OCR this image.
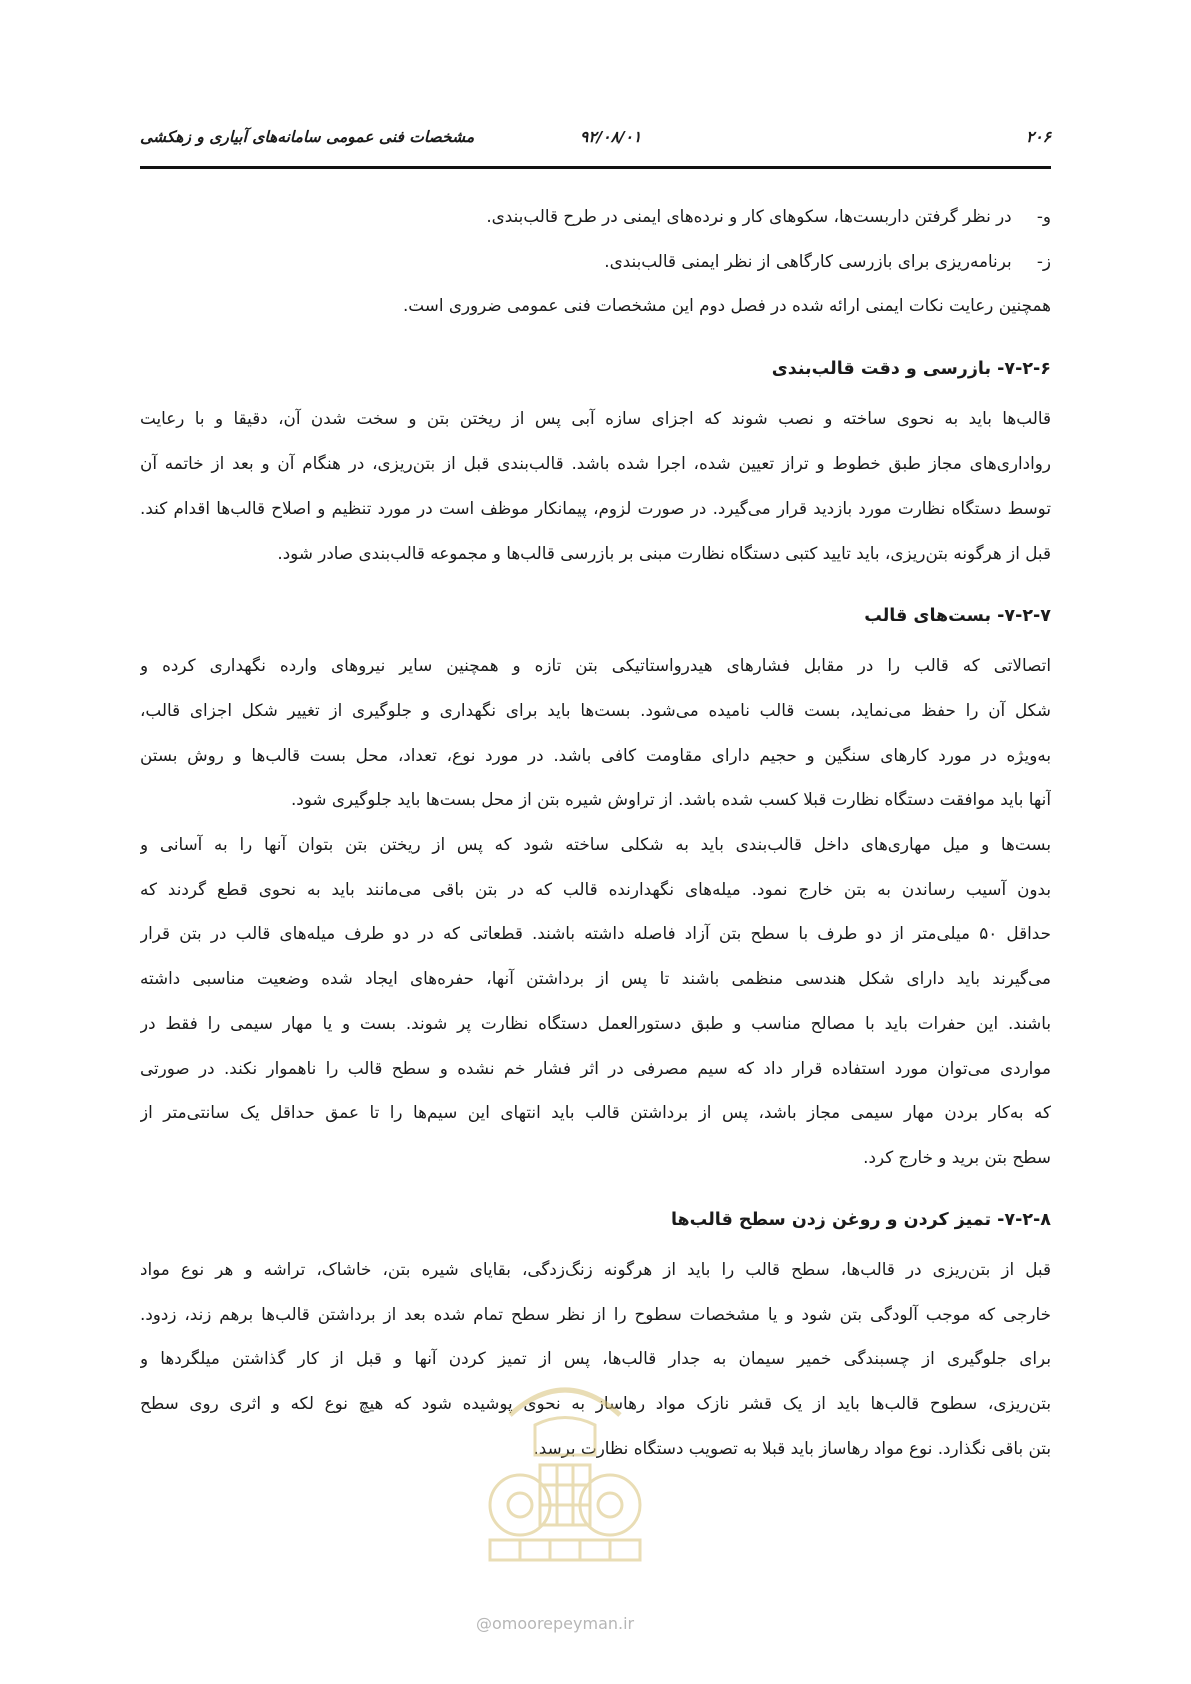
مشخصات فنی عمومی سامانه‌های آبیاری و زهکشی	۹۲/۰۸/۰۱	۲۰۶
و- در نظر گرفتن داربست‌ها، سکوهای کار و نرده‌های ایمنی در طرح قالب‌بندی.
ز- برنامه‌ریزی برای بازرسی کارگاهی از نظر ایمنی قالب‌بندی.
همچنین رعایت نکات ایمنی ارائه شده در فصل دوم این مشخصات فنی عمومی ضروری است.
۷-۲-۶- بازرسی و دقت قالب‌بندی
قالب‌ها باید به نحوی ساخته و نصب شوند که اجزای سازه آبی پس از ریختن بتن و سخت شدن آن، دقیقا و با رعایت
رواداری‌های مجاز طبق خطوط و تراز تعیین شده، اجرا شده باشد. قالب‌بندی قبل از بتن‌ریزی، در هنگام آن و بعد از خاتمه آن
توسط دستگاه نظارت مورد بازدید قرار می‌گیرد. در صورت لزوم، پیمانکار موظف است در مورد تنظیم و اصلاح قالب‌ها اقدام کند.
قبل از هرگونه بتن‌ریزی، باید تایید کتبی دستگاه نظارت مبنی بر بازرسی قالب‌ها و مجموعه قالب‌بندی صادر شود.
۷-۲-۷- بست‌های قالب
اتصالاتی که قالب را در مقابل فشارهای هیدرواستاتیکی بتن تازه و همچنین سایر نیروهای وارده نگهداری کرده و
شکل آن را حفظ می‌نماید، بست قالب نامیده می‌شود. بست‌ها باید برای نگهداری و جلوگیری از تغییر شکل اجزای قالب،
به‌ویژه در مورد کارهای سنگین و حجیم دارای مقاومت کافی باشد. در مورد نوع، تعداد، محل بست قالب‌ها و روش بستن
آنها باید موافقت دستگاه نظارت قبلا کسب شده باشد. از تراوش شیره بتن از محل بست‌ها باید جلوگیری شود.
بست‌ها و میل مهاری‌های داخل قالب‌بندی باید به شکلی ساخته شود که پس از ریختن بتن بتوان آنها را به آسانی و
بدون آسیب رساندن به بتن خارج نمود. میله‌های نگهدارنده قالب که در بتن باقی می‌مانند باید به نحوی قطع گردند که
حداقل ۵۰ میلی‌متر از دو طرف با سطح بتن آزاد فاصله داشته باشند. قطعاتی که در دو طرف میله‌های قالب در بتن قرار
می‌گیرند باید دارای شکل هندسی منظمی باشند تا پس از برداشتن آنها، حفره‌های ایجاد شده وضعیت مناسبی داشته
باشند. این حفرات باید با مصالح مناسب و طبق دستورالعمل دستگاه نظارت پر شوند. بست و یا مهار سیمی را فقط در
مواردی می‌توان مورد استفاده قرار داد که سیم مصرفی در اثر فشار خم نشده و سطح قالب را ناهموار نکند. در صورتی
که به‌کار بردن مهار سیمی مجاز باشد، پس از برداشتن قالب باید انتهای این سیم‌ها را تا عمق حداقل یک سانتی‌متر از
سطح بتن برید و خارج کرد.
۷-۲-۸- تمیز کردن و روغن زدن سطح قالب‌ها
قبل از بتن‌ریزی در قالب‌ها، سطح قالب را باید از هرگونه زنگ‌زدگی، بقایای شیره بتن، خاشاک، تراشه و هر نوع مواد
خارجی که موجب آلودگی بتن شود و یا مشخصات سطوح را از نظر سطح تمام شده بعد از برداشتن قالب‌ها برهم زند، زدود.
برای جلوگیری از چسبندگی خمیر سیمان به جدار قالب‌ها، پس از تمیز کردن آنها و قبل از کار گذاشتن میلگردها و
بتن‌ریزی، سطوح قالب‌ها باید از یک قشر نازک مواد رهاساز به نحوی پوشیده شود که هیچ نوع لکه و اثری روی سطح
بتن باقی نگذارد. نوع مواد رهاساز باید قبلا به تصویب دستگاه نظارت برسد.
@omoorepeyman.ir
